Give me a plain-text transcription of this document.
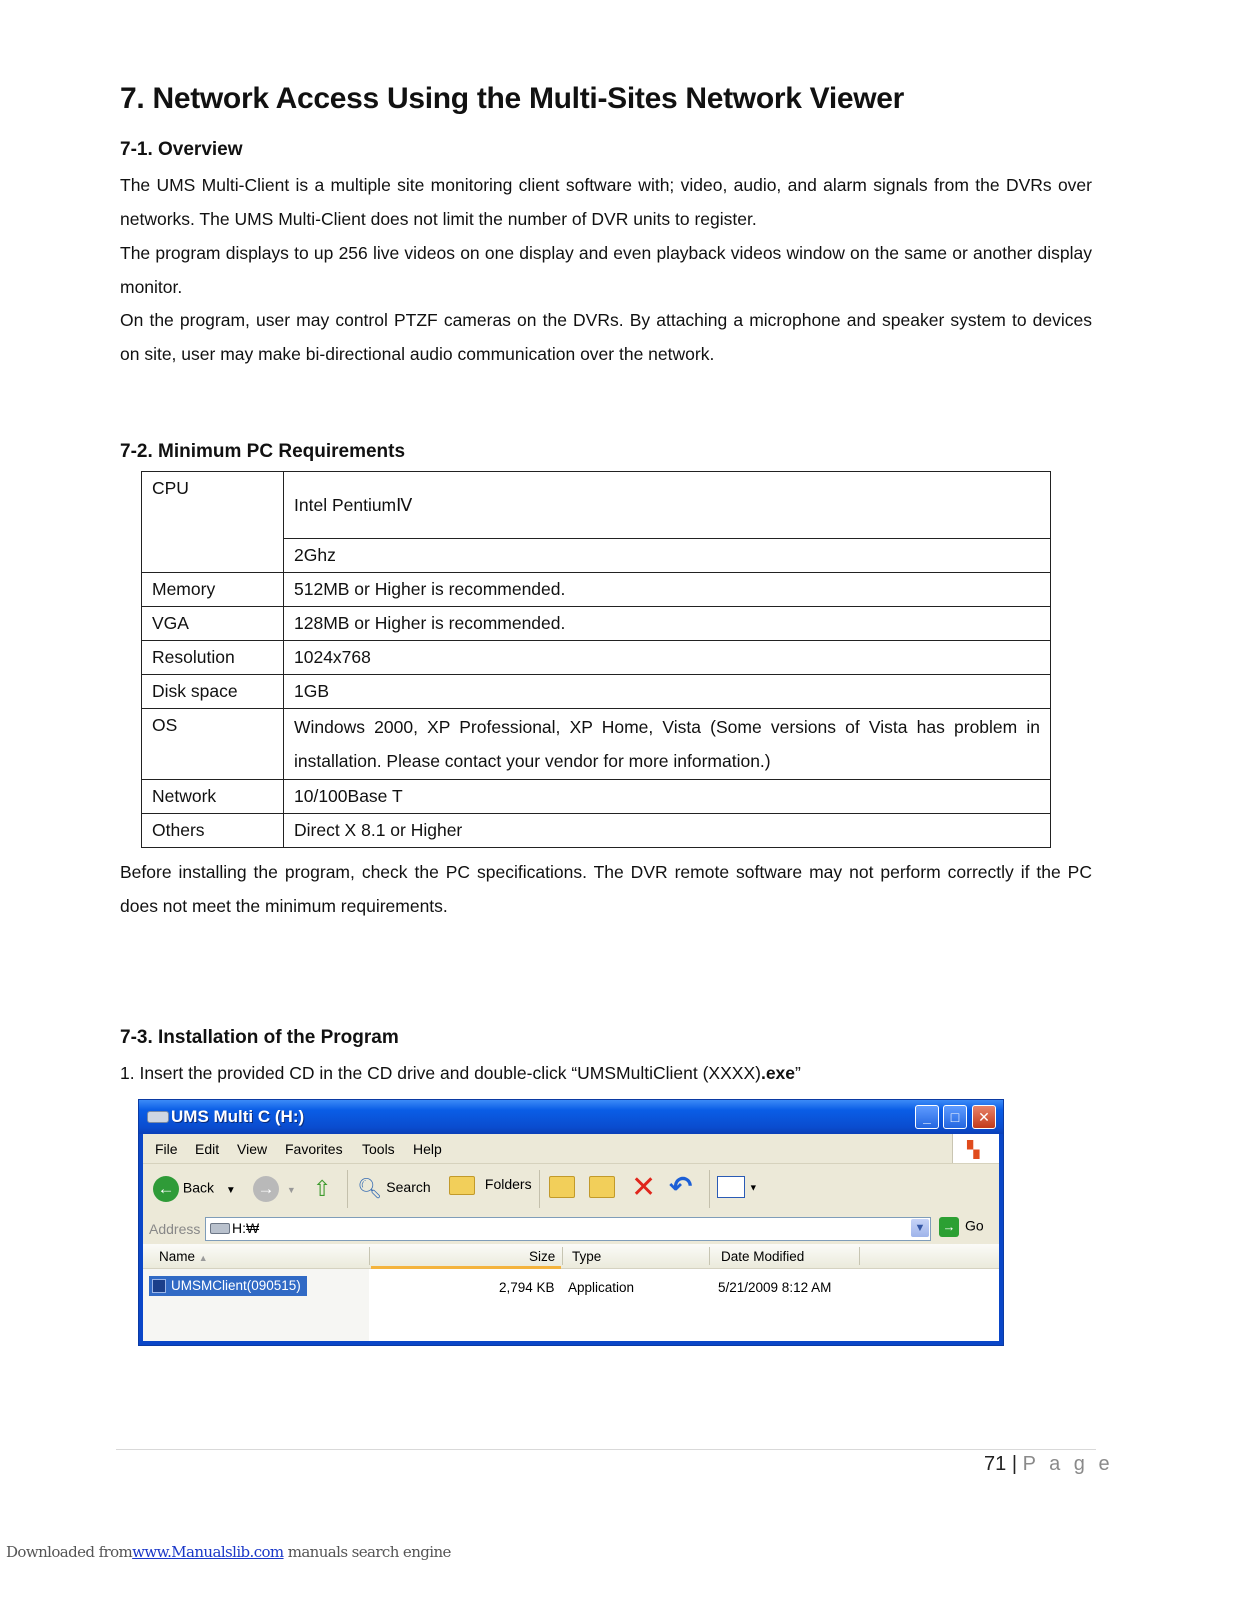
7. Network Access Using the Multi-Sites Network Viewer
7-1. Overview

The UMS Multi-Client is a multiple site monitoring client software with; video, audio, and alarm signals from the DVRs over networks. The UMS Multi-Client does not limit the number of DVR units to register.

The program displays to up 256 live videos on one display and even playback videos window on the same or another display monitor.

On the program, user may control PTZF cameras on the DVRs. By attaching a microphone and speaker system to devices on site, user may make bi-directional audio communication over the network.

7-2. Minimum PC Requirements
CPU	Intel PentiumⅣ
	2Ghz
Memory	512MB or Higher is recommended.
VGA	128MB or Higher is recommended.
Resolution	1024x768
Disk space	1GB
OS	Windows 2000, XP Professional, XP Home, Vista (Some versions of Vista has problem in installation. Please contact your vendor for more information.)
Network	10/100Base T
Others	Direct X 8.1 or Higher

Before installing the program, check the PC specifications. The DVR remote software may not perform correctly if the PC does not meet the minimum requirements.

7-3. Installation of the Program

1. Insert the provided CD in the CD drive and double-click “UMSMultiClient (XXXX).exe”

UMS Multi C (H:)	_	□	✕
File Edit View Favorites Tools Help	▚
← Back ▼ → ▼ ⇧ 🔍︎ Search	Folders	✕ ↶	▼
Address H:₩	▼ → Go
Name ▲	Size Type	Date Modified
UMSMClient(090515)	2,794 KB Application	5/21/2009 8:12 AM
71 | P a g e
Downloaded fromwww.Manualslib.com manuals search engine
